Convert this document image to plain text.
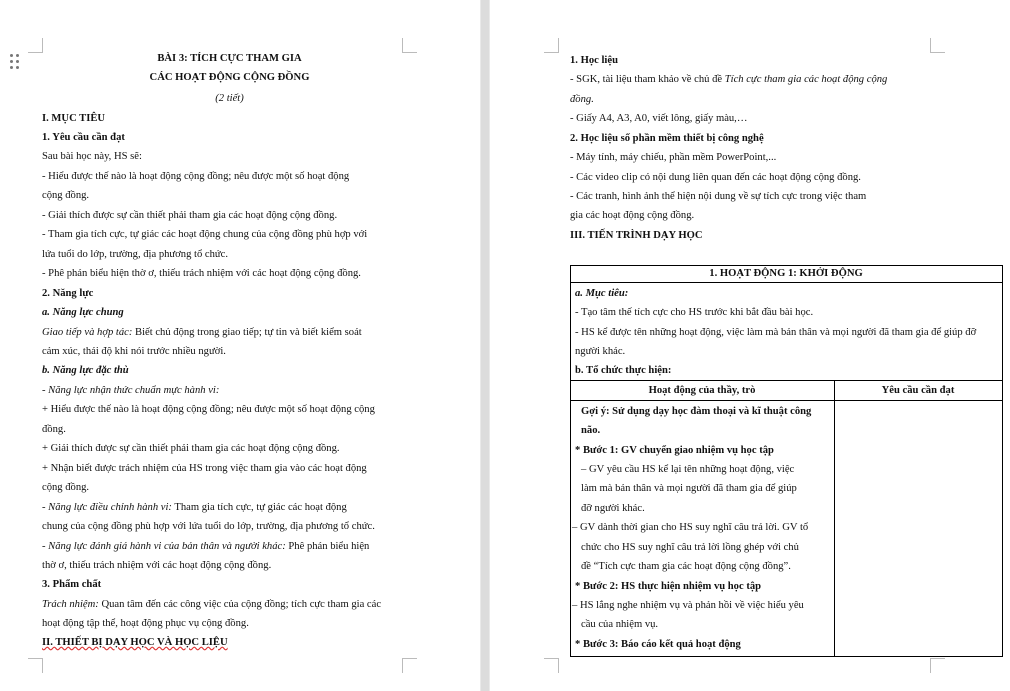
BÀI 3: TÍCH CỰC THAM GIA
CÁC HOẠT ĐỘNG CỘNG ĐỒNG
(2 tiết)
I. MỤC TIÊU
1. Yêu cầu cần đạt
Sau bài học này, HS sẽ:
- Hiểu được thế nào là hoạt động cộng đồng; nêu được một số hoạt động
cộng đồng.
- Giải thích được sự cần thiết phải tham gia các hoạt động cộng đồng.
- Tham gia tích cực, tự giác các hoạt động chung của cộng đồng phù hợp với
lứa tuổi do lớp, trường, địa phương tổ chức.
- Phê phán biểu hiện thờ ơ, thiếu trách nhiệm với các hoạt động cộng đồng.
2. Năng lực
a. Năng lực chung
Giao tiếp và hợp tác: Biết chủ động trong giao tiếp; tự tin và biết kiểm soát
cảm xúc, thái độ khi nói trước nhiều người.
b. Năng lực đặc thù
- Năng lực nhận thức chuẩn mực hành vi:
+ Hiểu được thế nào là hoạt động cộng đồng; nêu được một số hoạt động cộng
đồng.
+ Giải thích được sự cần thiết phải tham gia các hoạt động cộng đồng.
+ Nhận biết được trách nhiệm của HS trong việc tham gia vào các hoạt động
cộng đồng.
- Năng lực điều chỉnh hành vi: Tham gia tích cực, tự giác các hoạt động
chung của cộng đồng phù hợp với lứa tuổi do lớp, trường, địa phương tổ chức.
- Năng lực đánh giá hành vi của bản thân và người khác: Phê phán biểu hiện
thờ ơ, thiếu trách nhiệm với các hoạt động cộng đồng.
3. Phẩm chất
Trách nhiệm: Quan tâm đến các công việc của cộng đồng; tích cực tham gia các
hoạt động tập thể, hoạt động phục vụ cộng đồng.
II. THIẾT BỊ DẠY HỌC VÀ HỌC LIỆU
1. Học liệu
- SGK, tài liệu tham khảo về chủ đề Tích cực tham gia các hoạt động cộng
đồng.
- Giấy A4, A3, A0, viết lông, giấy màu,…
2. Học liệu số phần mềm thiết bị công nghệ
- Máy tính, máy chiếu, phần mềm PowerPoint,...
- Các video clip có nội dung liên quan đến các hoạt động cộng đồng.
- Các tranh, hình ảnh thể hiện nội dung về sự tích cực trong việc tham
gia các hoạt động cộng đồng.
III. TIẾN TRÌNH DẠY HỌC
1. HOẠT ĐỘNG 1: KHỞI ĐỘNG
a. Mục tiêu:
- Tạo tâm thế tích cực cho HS trước khi bắt đầu bài học.
- HS kể được tên những hoạt động, việc làm mà bản thân và mọi người đã tham gia để giúp đỡ
người khác.
b. Tổ chức thực hiện:
Hoạt động của thầy, trò	Yêu cầu cần đạt
Gợi ý: Sử dụng dạy học đàm thoại và kĩ thuật công
não.
* Bước 1: GV chuyển giao nhiệm vụ học tập
– GV yêu cầu HS kể lại tên những hoạt động, việc
làm mà bản thân và mọi người đã tham gia để giúp
đỡ người khác.
– GV dành thời gian cho HS suy nghĩ câu trả lời. GV tổ
chức cho HS suy nghĩ câu trả lời lồng ghép với chủ
đề “Tích cực tham gia các hoạt động cộng đồng”.
* Bước 2: HS thực hiện nhiệm vụ học tập
– HS lắng nghe nhiệm vụ và phản hồi về việc hiểu yêu
cầu của nhiệm vụ.
* Bước 3: Báo cáo kết quả hoạt động
